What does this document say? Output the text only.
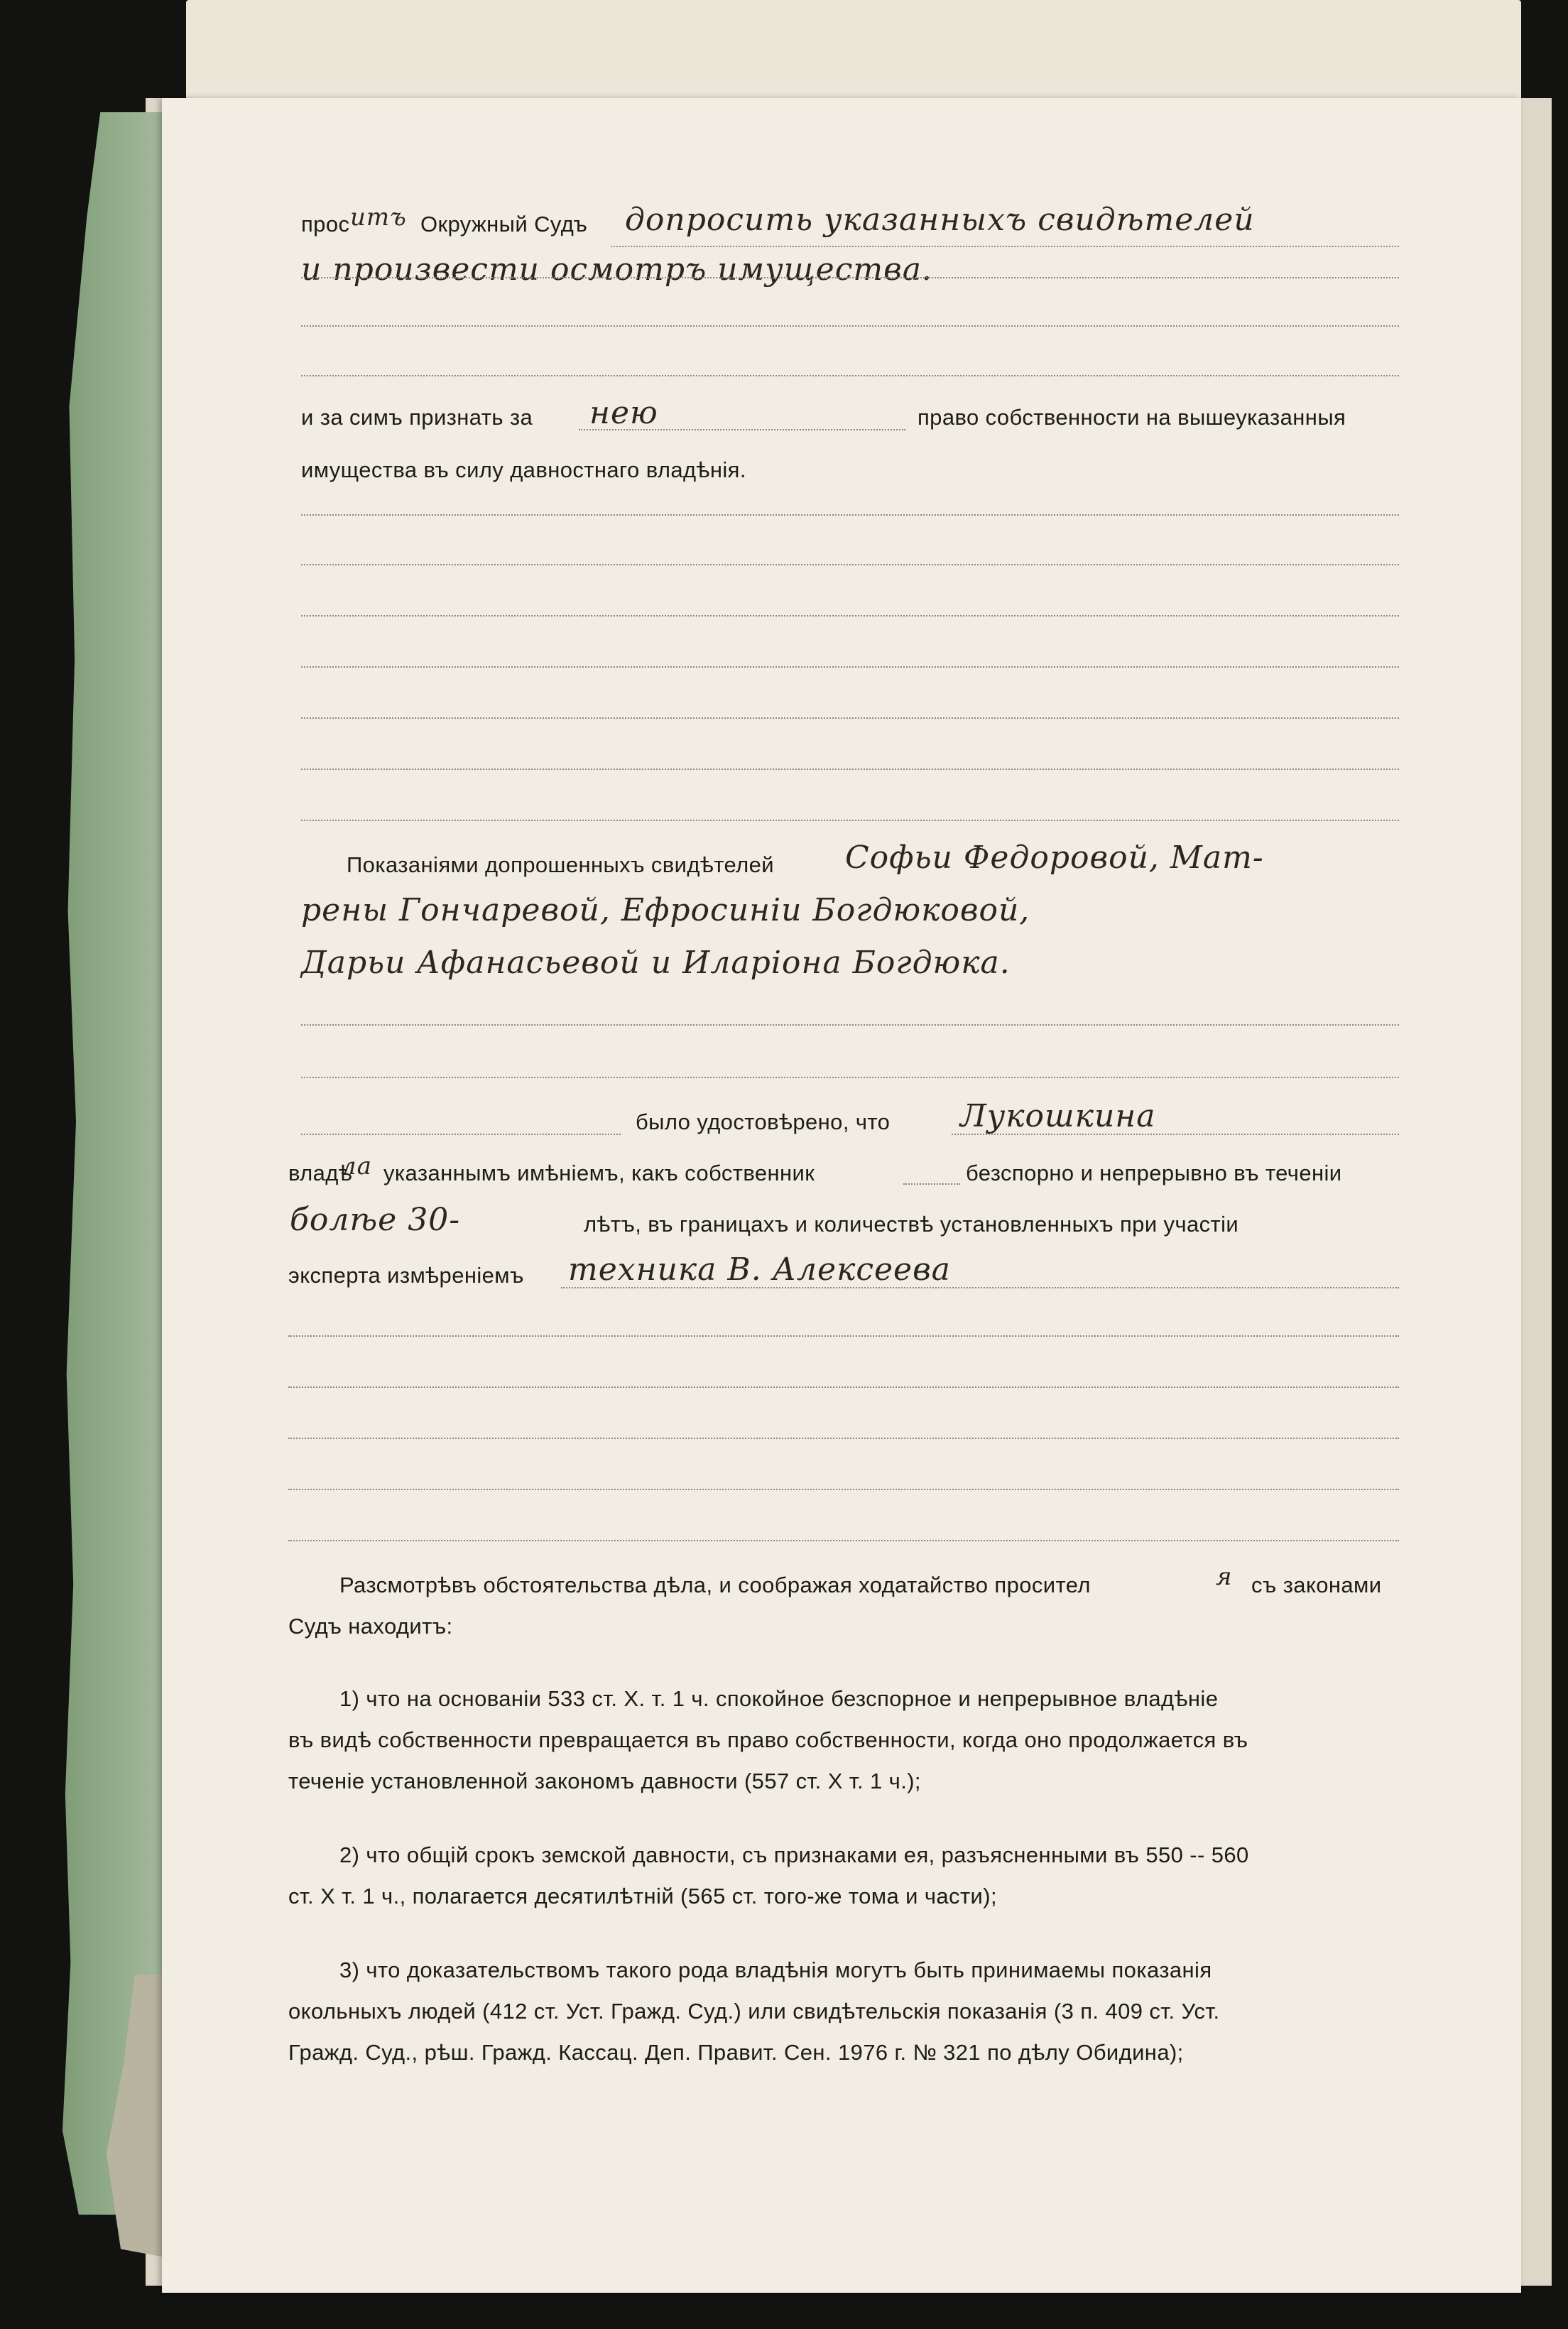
прос итъ Окружный Судъ допросить указанныхъ свидѣтелей
и произвести осмотръ имущества.
и за симъ признать за нею	право собственности на вышеуказанныя
имущества въ силу давностнаго владѣнія.
Показаніями допрошенныхъ свидѣтелей Софьи Федоровой, Мат-
рены Гончаревой, Ефросиніи Богдюковой,
Дарьи Афанасьевой и Иларіона Богдюка.
было удостовѣрено, что Лукошкина
владѣ
ла указаннымъ имѣніемъ, какъ собственник	безспорно и непрерывно въ теченіи
болѣе 30-	лѣтъ, въ границахъ и количествѣ установленныхъ при участіи
эксперта измѣреніемъ техника В. Алексеева
Разсмотрѣвъ обстоятельства дѣла, и соображая ходатайство просител	я съ законами
Судъ находитъ:
1) что на основаніи 533 ст. Х. т. 1 ч. спокойное безспорное и непрерывное владѣніе
въ видѣ собственности превращается въ право собственности, когда оно продолжается въ
теченіе установленной закономъ давности (557 ст. Х т. 1 ч.);
2) что общій срокъ земской давности, съ признаками ея, разъясненными въ 550 -- 560
ст. Х т. 1 ч., полагается десятилѣтній (565 ст. того-же тома и части);
3) что доказательствомъ такого рода владѣнія могутъ быть принимаемы показанія
окольныхъ людей (412 ст. Уст. Гражд. Суд.) или свидѣтельскія показанія (3 п. 409 ст. Уст.
Гражд. Суд., рѣш. Гражд. Кассац. Деп. Правит. Сен. 1976 г. № 321 по дѣлу Обидина);
